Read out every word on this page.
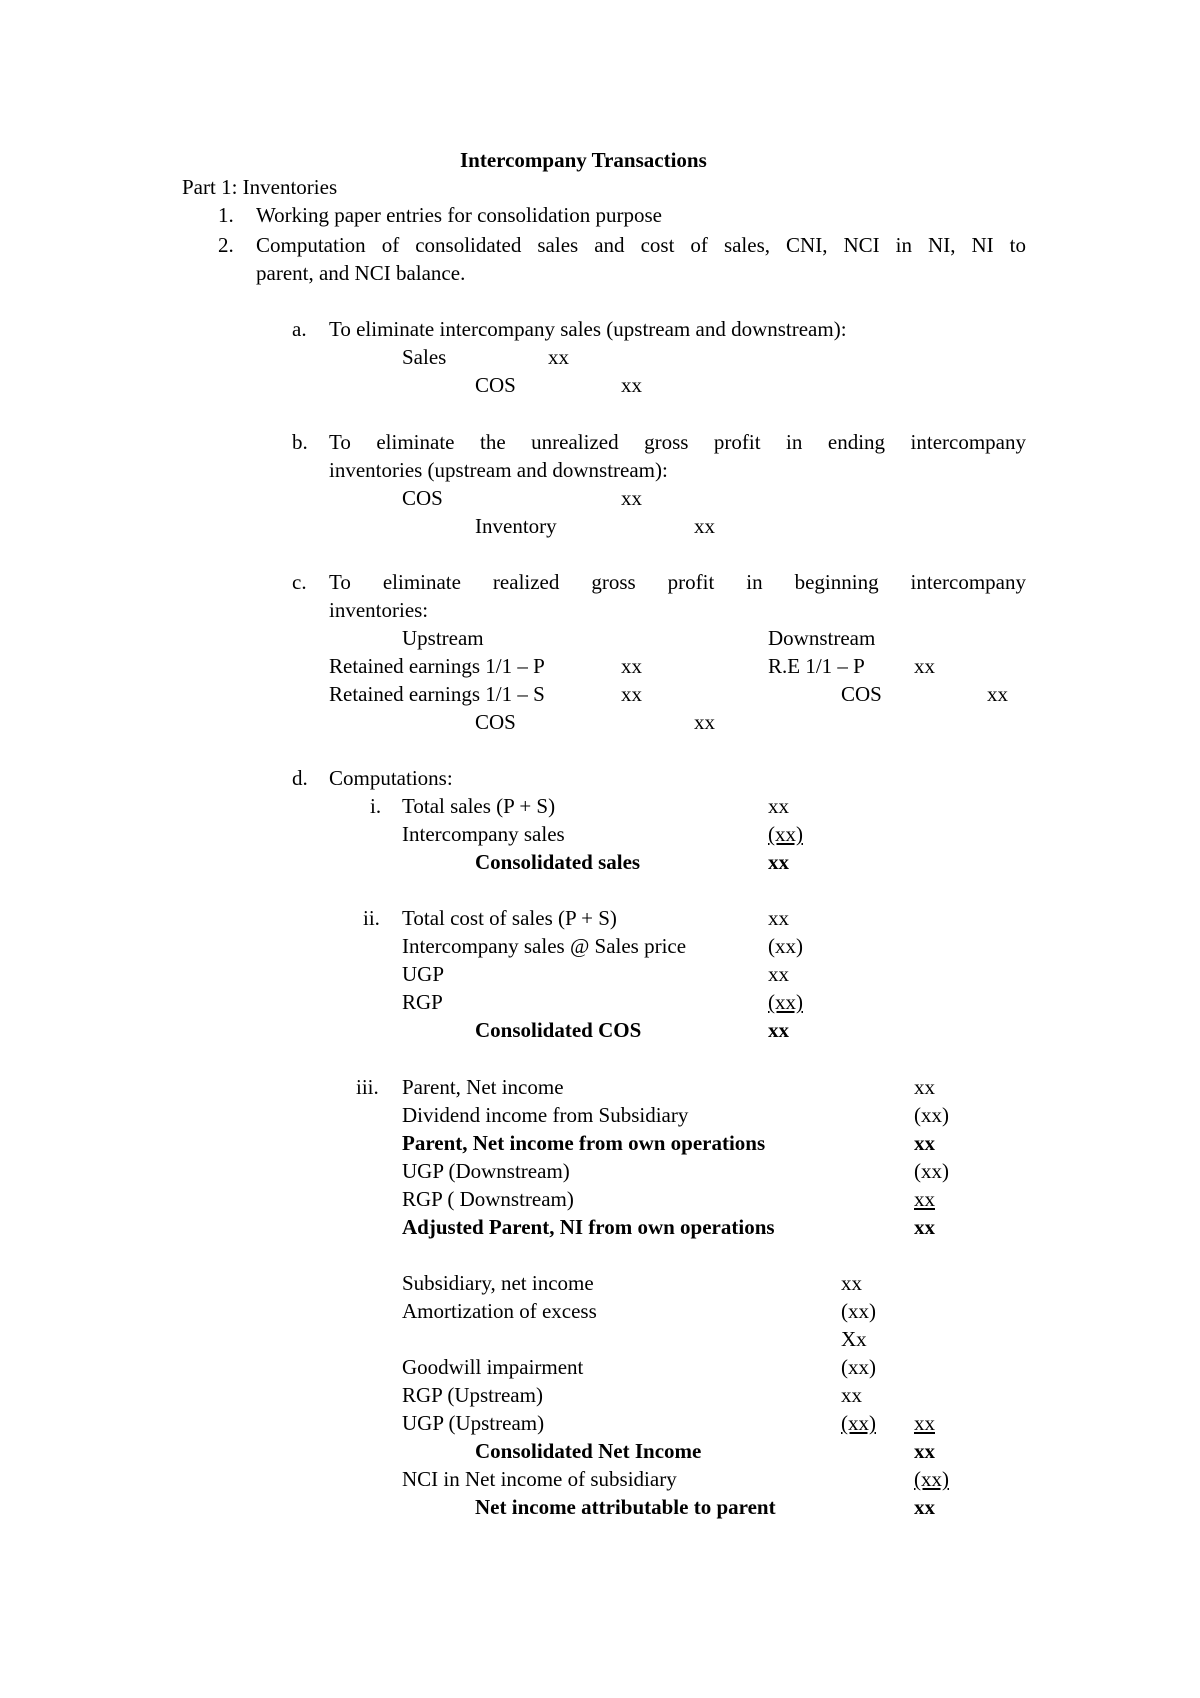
Intercompany Transactions
Part 1: Inventories
1. Working paper entries for consolidation purpose
2. Computation of consolidated sales and cost of sales, CNI, NCI in NI, NI to
parent, and NCI balance.
a. To eliminate intercompany sales (upstream and downstream):
Sales	xx
COS	xx
b. To eliminate the unrealized gross profit in ending intercompany
inventories (upstream and downstream):
COS	xx
Inventory	xx
c. To eliminate realized gross profit in beginning intercompany
inventories:
Upstream	Downstream
Retained earnings 1/1 – P	xx	R.E 1/1 – P xx
Retained earnings 1/1 – S	xx	COS	xx
COS	xx
d. Computations:
i. Total sales (P + S)	xx
Intercompany sales	(xx)
Consolidated sales	xx
ii. Total cost of sales (P + S)	xx
Intercompany sales @ Sales price	(xx)
UGP	xx
RGP	(xx)
Consolidated COS	xx
iii. Parent, Net income	xx
Dividend income from Subsidiary	(xx)
Parent, Net income from own operations	xx
UGP (Downstream)	(xx)
RGP ( Downstream)	xx
Adjusted Parent, NI from own operations	xx
Subsidiary, net income	xx
Amortization of excess	(xx)
Xx
Goodwill impairment	(xx)
RGP (Upstream)	xx
UGP (Upstream)	(xx) xx
Consolidated Net Income	xx
NCI in Net income of subsidiary	(xx)
Net income attributable to parent	xx
